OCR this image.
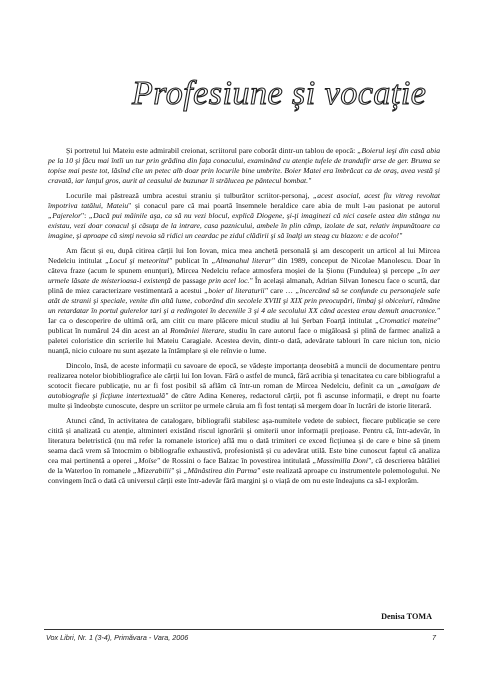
Profesiune și vocație

Și portretul lui Mateiu este admirabil creionat, scriitorul pare coborât dintr-un tablou de epocă: „Boierul ieşi din casă abia pe la 10 şi făcu mai întîi un tur prin grădina din faţa conacului, examinând cu atenție tufele de trandafir arse de ger. Bruma se topise mai peste tot, lăsînd cîte un petec alb doar prin locurile bine umbrite. Boier Matei era îmbrăcat ca de oraş, avea vestă şi cravată, iar lanţul gros, aurit al ceasului de buzunar îi strălucea pe pântecul bombat."

Locurile mai păstrează umbra acestui straniu și tulburător scriitor-personaj, „acest asocial, acest fiu vitreg revoltat împotriva tatălui, Mateiu" și conacul pare că mai poartă însemnele heraldice care abia de mult l-au pasionat pe autorul „Pajerelor": „Dacă pui mâinile aşa, ca să nu vezi blocul, explică Diogene, şi-ţi imaginezi că nici casele astea din stânga nu existau, vezi doar conacul şi căsuţa de la intrare, casa paznicului, ambele în plin câmp, izolate de sat, relativ impunătoare ca imagine, şi aproape că simţi nevoia să ridici un ceardac pe zidul clădirii şi să înalţi un steag cu blazon: e de acolo!"

Am făcut și eu, după citirea cărții lui Ion Iovan, mica mea anchetă personală și am descoperit un articol al lui Mircea Nedelciu intitulat „Locul şi meteoritul" publicat în „Almanahul literar" din 1989, conceput de Nicolae Manolescu. Doar în câteva fraze (acum le spunem enunțuri), Mircea Nedelciu reface atmosfera moșiei de la Șionu (Fundulea) și percepe „în aer urmele lăsate de misterioasa-i existenţă de passage prin acel loc." În același almanah, Adrian Silvan Ionescu face o scurtă, dar plină de miez caracterizare vestimentară a acestui „boier al literaturii" care … „încercând să se confunde cu personajele sale atât de stranii şi speciale, venite din altă lume, coborând din secolele XVIII şi XIX prin preocupări, limbaj şi obiceiuri, rămâne un retardatar în portul gulerelor tari şi a redingotei în deceniile 3 şi 4 ale secolului XX când acestea erau demult anacronice." Iar ca o descoperire de ultimă oră, am citit cu mare plăcere micul studiu al lui Șerban Foarță intitulat „Cromatici mateine" publicat în numărul 24 din acest an al României literare, studiu în care autorul face o migăloasă și plină de farmec analiză a paletei coloristice din scrierile lui Mateiu Caragiale. Acestea devin, dintr-o dată, adevărate tablouri în care niciun ton, nicio nuanță, nicio culoare nu sunt așezate la întâmplare și ele reînvie o lume.

Dincolo, însă, de aceste informații cu savoare de epocă, se vădește importanța deosebită a muncii de documentare pentru realizarea notelor biobibliografice ale cărții lui Ion Iovan. Fără o astfel de muncă, fără acribia și tenacitatea cu care bibliograful a scotocit fiecare publicație, nu ar fi fost posibil să aflăm că într-un roman de Mircea Nedelciu, definit ca un „amalgam de autobiografie şi ficţiune intertextuală" de către Adina Kenereș, redactorul cărții, pot fi ascunse informații, e drept nu foarte multe și îndeobște cunoscute, despre un scriitor pe urmele căruia am fi fost tentați să mergem doar în lucrări de istorie literară.

Atunci când, în activitatea de catalogare, bibliografii stabilesc așa-numitele vedete de subiect, fiecare publicație se cere citită și analizată cu atenție, altminteri existând riscul ignorării și omiterii unor informații prețioase. Pentru că, într-adevăr, în literatura beletristică (nu mă refer la romanele istorice) află mu o dată trimiteri ce exced ficțiunea și de care e bine să ținem seama dacă vrem să întocmim o bibliografie exhaustivă, profesionistă și cu adevărat utilă. Este bine cunoscut faptul că analiza cea mai pertinentă a operei „Moïse" de Rossini o face Balzac în povestirea intitulată „Massimilla Doni", că descrierea bătăliei de la Waterloo în romanele „Mizerabilii" și „Mânăstirea din Parma" este realizată aproape cu instrumentele polemologului. Ne convingem încă o dată că universul cărții este într-adevăr fără margini și o viață de om nu este îndeajuns ca să-l explorăm.

Denisa TOMA
Vox Libri, Nr. 1 (3-4), Primăvara - Vara, 2006	7
